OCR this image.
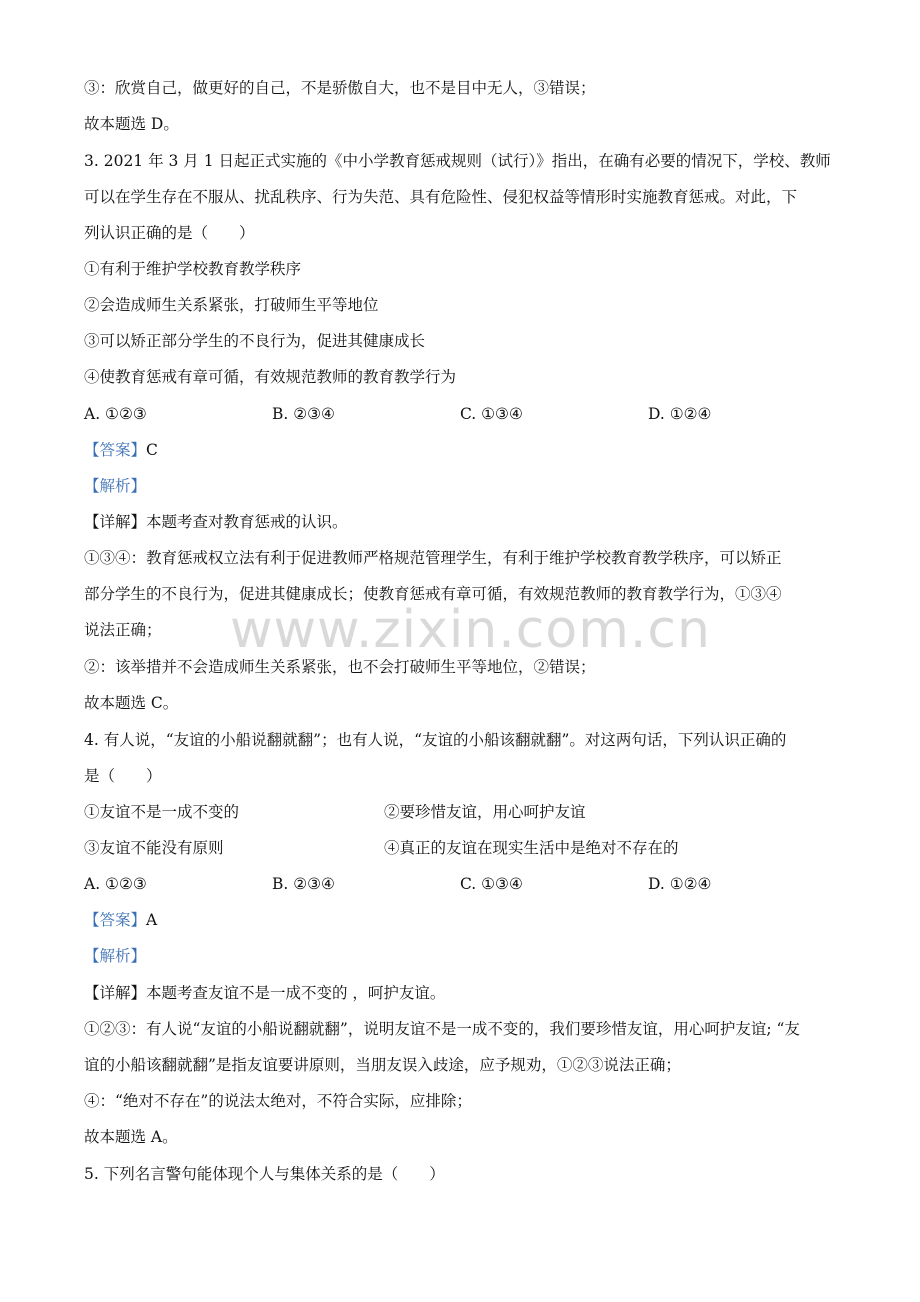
www.zixin.com.cn
③：欣赏自己，做更好的自己，不是骄傲自大，也不是目中无人，③错误；
故本题选 D。
3. 2021 年 3 月 1 日起正式实施的《中小学教育惩戒规则（试行）》指出，在确有必要的情况下，学校、教师
可以在学生存在不服从、扰乱秩序、行为失范、具有危险性、侵犯权益等情形时实施教育惩戒。对此，下
列认识正确的是（　　）
①有利于维护学校教育教学秩序
②会造成师生关系紧张，打破师生平等地位
③可以矫正部分学生的不良行为，促进其健康成长
④使教育惩戒有章可循，有效规范教师的教育教学行为
A. ①②③	B. ②③④	C. ①③④	D. ①②④
【答案】C
【解析】
【详解】本题考查对教育惩戒的认识。
①③④：教育惩戒权立法有利于促进教师严格规范管理学生，有利于维护学校教育教学秩序，可以矫正
部分学生的不良行为，促进其健康成长；使教育惩戒有章可循，有效规范教师的教育教学行为，①③④
说法正确；
②：该举措并不会造成师生关系紧张，也不会打破师生平等地位，②错误；
故本题选 C。
4. 有人说，“友谊的小船说翻就翻”；也有人说，“友谊的小船该翻就翻”。对这两句话，下列认识正确的
是（　　）
①友谊不是一成不变的	②要珍惜友谊，用心呵护友谊
③友谊不能没有原则	④真正的友谊在现实生活中是绝对不存在的
A. ①②③	B. ②③④	C. ①③④	D. ①②④
【答案】A
【解析】
【详解】本题考查友谊不是一成不变的 ，呵护友谊。
①②③：有人说“友谊的小船说翻就翻”，说明友谊不是一成不变的，我们要珍惜友谊，用心呵护友谊; “友
谊的小船该翻就翻”是指友谊要讲原则，当朋友误入歧途，应予规劝，①②③说法正确；
④：“绝对不存在”的说法太绝对，不符合实际，应排除；
故本题选 A。
5. 下列名言警句能体现个人与集体关系的是（　　）
